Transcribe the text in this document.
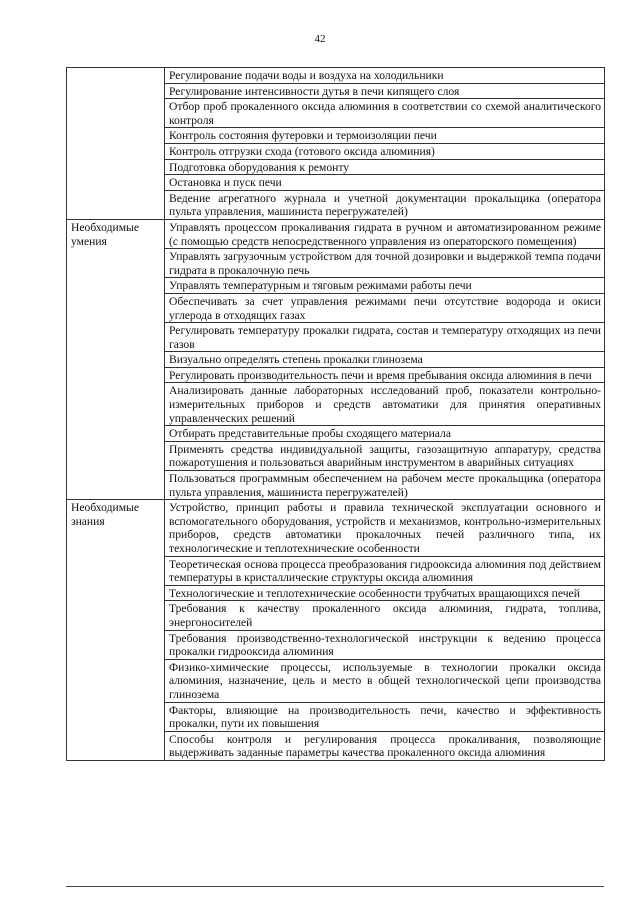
42
	Регулирование подачи воды и воздуха на холодильники
	Регулирование интенсивности дутья в печи кипящего слоя
	Отбор проб прокаленного оксида алюминия в соответствии со схемой аналитического контроля
	Контроль состояния футеровки и термоизоляции печи
	Контроль отгрузки схода (готового оксида алюминия)
	Подготовка оборудования к ремонту
	Остановка и пуск печи
	Ведение агрегатного журнала и учетной документации прокальщика (оператора пульта управления, машиниста перегружателей)
Необходимые умения	Управлять процессом прокаливания гидрата в ручном и автоматизированном режиме (с помощью средств непосредственного управления из операторского помещения)
	Управлять загрузочным устройством для точной дозировки и выдержкой темпа подачи гидрата в прокалочную печь
	Управлять температурным и тяговым режимами работы печи
	Обеспечивать за счет управления режимами печи отсутствие водорода и окиси углерода в отходящих газах
	Регулировать температуру прокалки гидрата, состав и температуру отходящих из печи газов
	Визуально определять степень прокалки глинозема
	Регулировать производительность печи и время пребывания оксида алюминия в печи
	Анализировать данные лабораторных исследований проб, показатели контрольно-измерительных приборов и средств автоматики для принятия оперативных управленческих решений
	Отбирать представительные пробы сходящего материала
	Применять средства индивидуальной защиты, газозащитную аппаратуру, средства пожаротушения и пользоваться аварийным инструментом в аварийных ситуациях
	Пользоваться программным обеспечением на рабочем месте прокальщика (оператора пульта управления, машиниста перегружателей)
Необходимые знания	Устройство, принцип работы и правила технической эксплуатации основного и вспомогательного оборудования, устройств и механизмов, контрольно-измерительных приборов, средств автоматики прокалочных печей различного типа, их технологические и теплотехнические особенности
	Теоретическая основа процесса преобразования гидрооксида алюминия под действием температуры в кристаллические структуры оксида алюминия
	Технологические и теплотехнические особенности трубчатых вращающихся печей
	Требования к качеству прокаленного оксида алюминия, гидрата, топлива, энергоносителей
	Требования производственно-технологической инструкции к ведению процесса прокалки гидрооксида алюминия
	Физико-химические процессы, используемые в технологии прокалки оксида алюминия, назначение, цель и место в общей технологической цепи производства глинозема
	Факторы, влияющие на производительность печи, качество и эффективность прокалки, пути их повышения
	Способы контроля и регулирования процесса прокаливания, позволяющие выдерживать заданные параметры качества прокаленного оксида алюминия
